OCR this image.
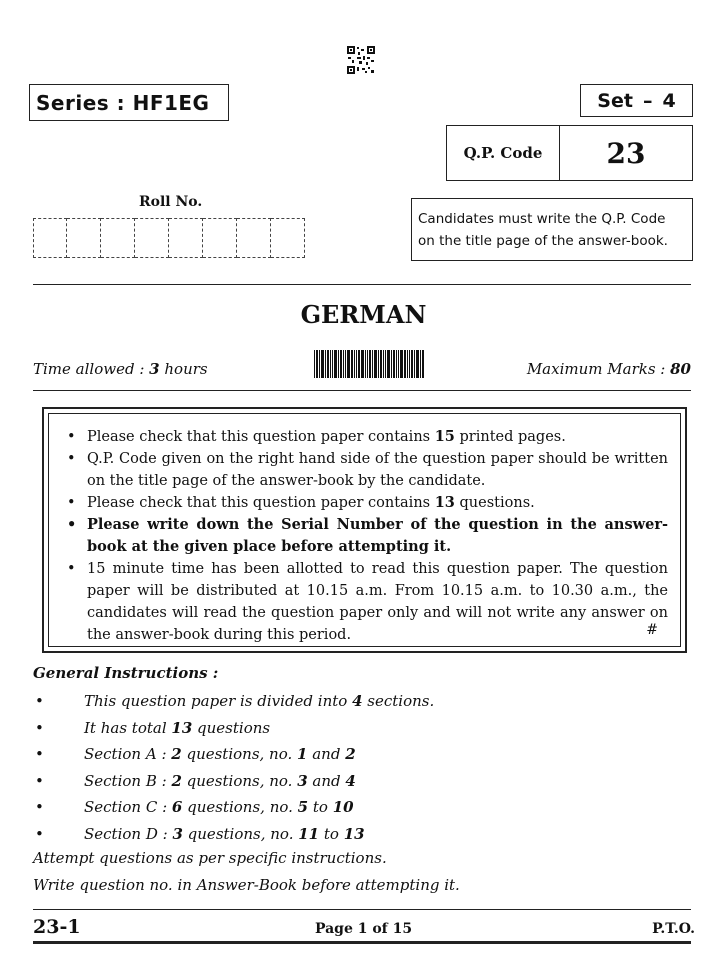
Series : HF1EG	Set – 4
Q.P. Code	23
Roll No.
Candidates must write the Q.P. Code on the title page of the answer-book.
GERMAN
Time allowed : 3 hours	Maximum Marks : 80
• Please check that this question paper contains 15 printed pages.
• Q.P. Code given on the right hand side of the question paper should be written on the title page of the answer-book by the candidate.
• Please check that this question paper contains 13 questions.
• Please write down the Serial Number of the question in the answer-book at the given place before attempting it.
• 15 minute time has been allotted to read this question paper. The question paper will be distributed at 10.15 a.m. From 10.15 a.m. to 10.30 a.m., the candidates will read the question paper only and will not write any answer on the answer-book during this period.	#
General Instructions :
• This question paper is divided into 4 sections.
• It has total 13 questions
• Section A : 2 questions, no. 1 and 2
• Section B : 2 questions, no. 3 and 4
• Section C : 6 questions, no. 5 to 10
• Section D : 3 questions, no. 11 to 13
Attempt questions as per specific instructions.
Write question no. in Answer-Book before attempting it.
23-1	Page 1 of 15	P.T.O.
